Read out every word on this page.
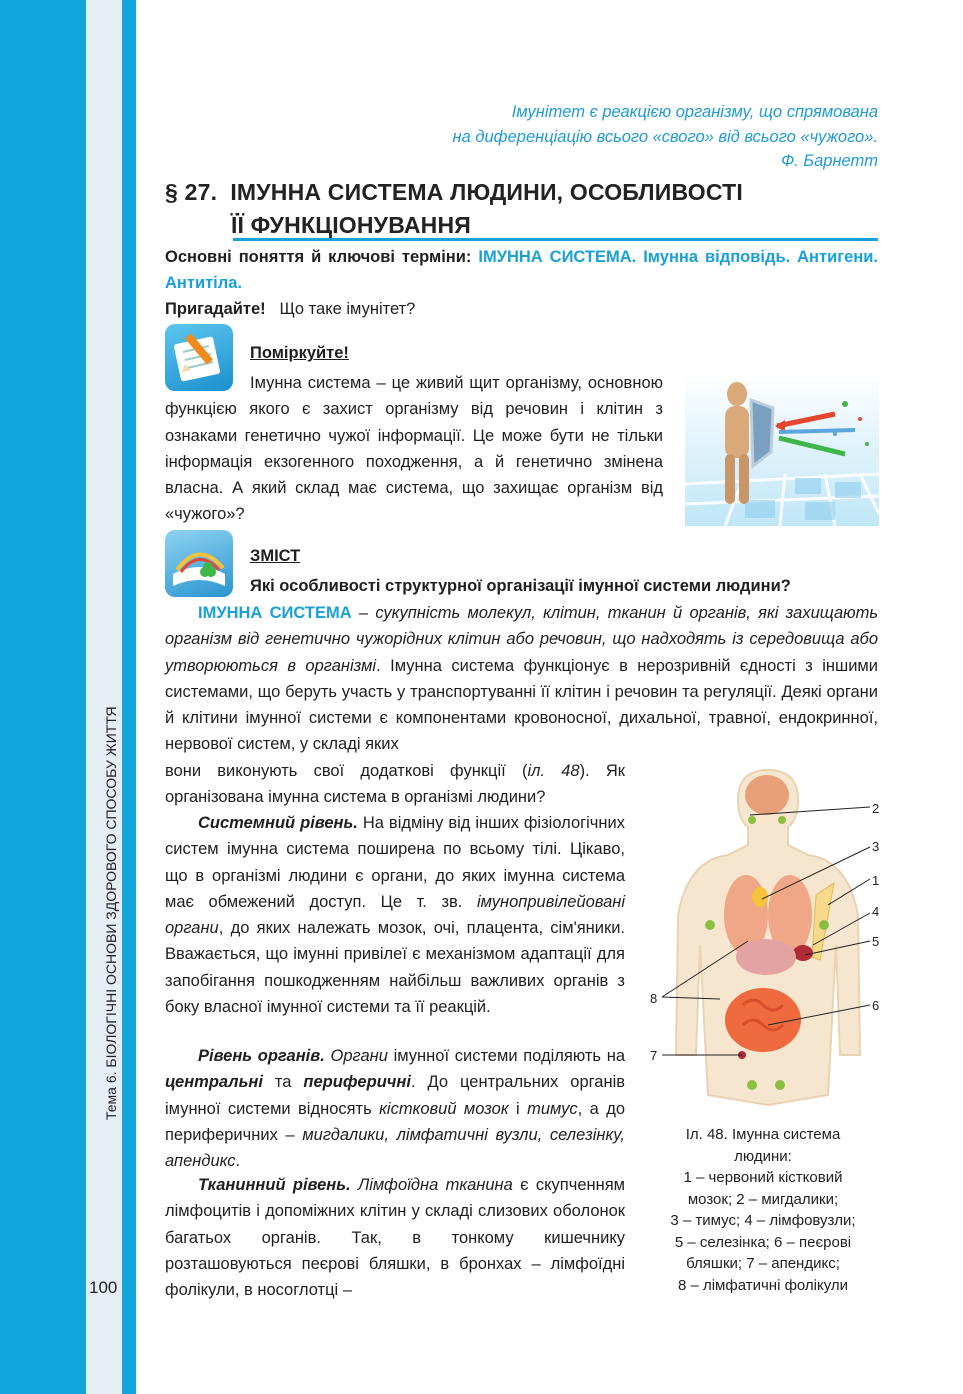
Тема 6. БІОЛОГІЧНІ ОСНОВИ ЗДОРОВОГО СПОСОБУ ЖИТТЯ
100
Імунітет є реакцією організму, що спрямована
на диференціацію всього «свого» від всього «чужого».
Ф. Барнетт
§ 27.  ІМУННА СИСТЕМА ЛЮДИНИ, ОСОБЛИВОСТІ
ЇЇ ФУНКЦІОНУВАННЯ
Основні поняття й ключові терміни: ІМУННА СИСТЕМА. Імунна відповідь. Антигени. Антитіла.
Пригадайте! Що таке імунітет?
Поміркуйте!
Імунна система – це живий щит організму, основною функцією якого є захист організму від речовин і клітин з ознаками генетично чужої інформації. Це може бути не тільки інформація екзогенного походження, а й генетично змінена власна. А який склад має система, що захищає організм від «чужого»?
ЗМІСТ
Які особливості структурної організації імунної системи людини?
ІМУННА СИСТЕМА – сукупність молекул, клітин, тканин й органів, які захищають організм від генетично чужорідних клітин або речовин, що надходять із середовища або утворюються в організмі. Імунна система функціонує в нерозривній єдності з іншими системами, що беруть участь у транспортуванні її клітин і речовин та регуляції. Деякі органи й клітини імунної системи є компонентами кровоносної, дихальної, травної, ендокринної, нервової систем, у складі яких
вони виконують свої додаткові функції (іл. 48). Як організована імунна система в організмі людини?
Системний рівень. На відміну від інших фізіологічних систем імунна система поширена по всьому тілі. Цікаво, що в організмі людини є органи, до яких імунна система має обмежений доступ. Це т. зв. імунопривілейовані органи, до яких належать мозок, очі, плацента, сім'яники. Вважається, що імунні привілеї є механізмом адаптації для запобігання пошкодженням найбільш важливих органів з боку власної імунної системи та її реакцій.
Рівень органів. Органи імунної системи поділяють на центральні та периферичні. До центральних органів імунної системи відносять кістковий мозок і тимус, а до периферичних – мигдалики, лімфатичні вузли, селезінку, апендикс.
Тканинний рівень. Лімфоїдна тканина є скупченням лімфоцитів і допоміжних клітин у складі слизових оболонок багатьох органів. Так, в тонкому кишечнику розташовуються пеєрові бляшки, в бронхах – лімфоїдні фолікули, в носоглотці –
1
2
3
4
5
6
7
8
Іл. 48. Імунна система
людини:
1 – червоний кістковий
мозок; 2 – мигдалики;
3 – тимус; 4 – лімфовузли;
5 – селезінка; 6 – пеєрові
бляшки; 7 – апендикс;
8 – лімфатичні фолікули
